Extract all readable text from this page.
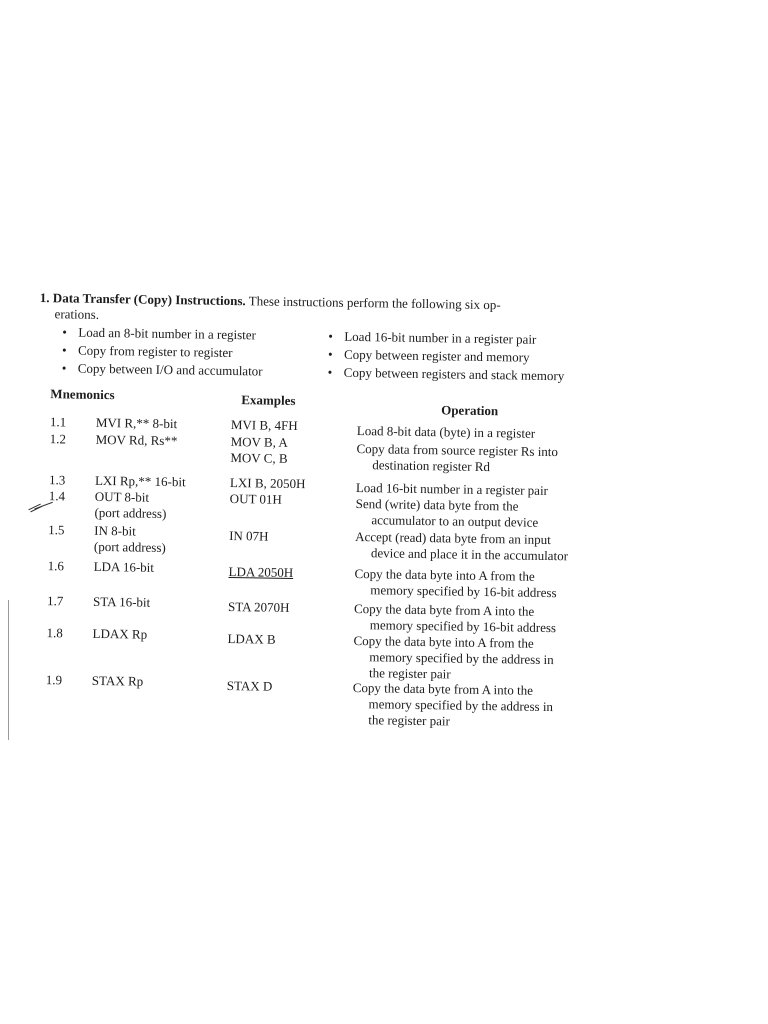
1. Data Transfer (Copy) Instructions. These instructions perform the following six op-
erations.

• Load an 8-bit number in a register	• Load 16-bit number in a register pair
• Copy from register to register	• Copy between register and memory
• Copy between I/O and accumulator	• Copy between registers and stack memory
Mnemonics	Examples
Operation
1.1 MVI R,** 8-bit	MVI B, 4FH	Load 8-bit data (byte) in a register
1.2 MOV Rd, Rs**	MOV B, A
MOV C, B	Copy data from source register Rs into
destination register Rd
1.3 LXI Rp,** 16-bit	LXI B, 2050H	Load 16-bit number in a register pair
1.4 OUT 8-bit
(port address)
OUT 01H	Send (write) data byte from the
accumulator to an output device
1.5 IN 8-bit
(port address)
IN 07H	Accept (read) data byte from an input
device and place it in the accumulator
1.6 LDA 16-bit	LDA 2050H	Copy the data byte into A from the
memory specified by 16-bit address
1.7 STA 16-bit	STA 2070H	Copy the data byte from A into the
memory specified by 16-bit address
1.8 LDAX Rp	LDAX B	Copy the data byte into A from the
memory specified by the address in
the register pair
1.9 STAX Rp	STAX D	Copy the data byte from A into the
memory specified by the address in
the register pair
